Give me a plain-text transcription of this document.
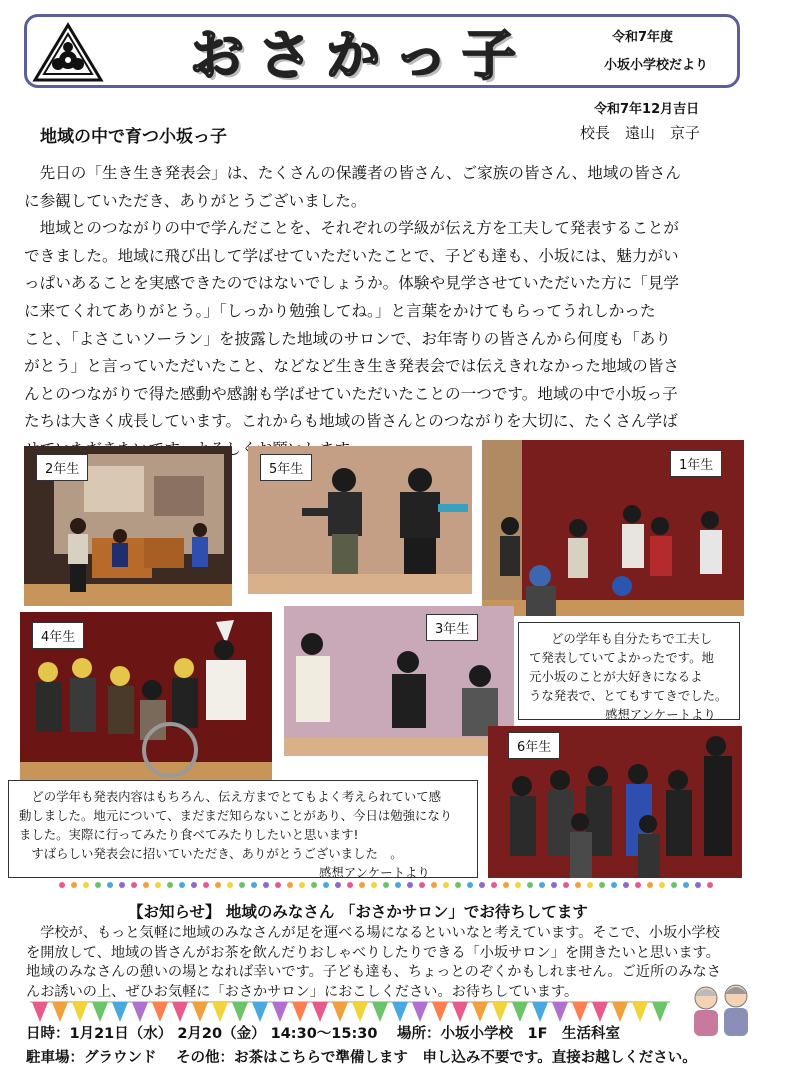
おさかっ子	令和7年度
小坂小学校だより
令和7年12月吉日
地域の中で育つ小坂っ子	校長　遠山　京子
　先日の「生き生き発表会」は、たくさんの保護者の皆さん、ご家族の皆さん、地域の皆さん
に参観していただき、ありがとうございました。
　地域とのつながりの中で学んだことを、それぞれの学級が伝え方を工夫して発表することが
できました。地域に飛び出して学ばせていただいたことで、子ども達も、小坂には、魅力がい
っぱいあることを実感できたのではないでしょうか。体験や見学させていただいた方に「見学
に来てくれてありがとう。」「しっかり勉強してね。」と言葉をかけてもらってうれしかった
こと、「よさこいソーラン」を披露した地域のサロンで、お年寄りの皆さんから何度も「あり
がとう」と言っていただいたこと、などなど生き生き発表会では伝えきれなかった地域の皆さ
んとのつながりで得た感動や感謝も学ばせていただいたことの一つです。地域の中で小坂っ子
たちは大きく成長しています。これからも地域の皆さんとのつながりを大切に、たくさん学ば

2年生	5年生	1年生
4年生
3年生
どの学年も自分たちで工夫し
て発表していてよかったです。地
元小坂のことが大好きになるよ
うな発表で、とてもすてきでした。
感想アンケートより
6年生
　どの学年も発表内容はもちろん、伝え方までとてもよく考えられていて感
動しました。地元について、まだまだ知らないことがあり、今日は勉強になり
ました。実際に行ってみたり食べてみたりしたいと思います!
　すばらしい発表会に招いていただき、ありがとうございました　。
感想アンケートより
【お知らせ】 地域のみなさん 「おさかサロン」でお待ちしてます
　学校が、もっと気軽に地域のみなさんが足を運べる場になるといいなと考えています。そこで、小坂小学校
を開放して、地域の皆さんがお茶を飲んだりおしゃべりしたりできる「小坂サロン」を開きたいと思います。
地域のみなさんの憩いの場となれば幸いです。子ども達も、ちょっとのぞくかもしれません。ご近所のみなさ
んお誘いの上、ぜひお気軽に「おさかサロン」におこしください。お待ちしています。
日時：1月21日（水） 2月20（金） 14:30～15:30　 場所：小坂小学校　1F　生活科室
駐車場：グラウンド　 その他：お茶はこちらで準備します　申し込み不要です。直接お越しください。
